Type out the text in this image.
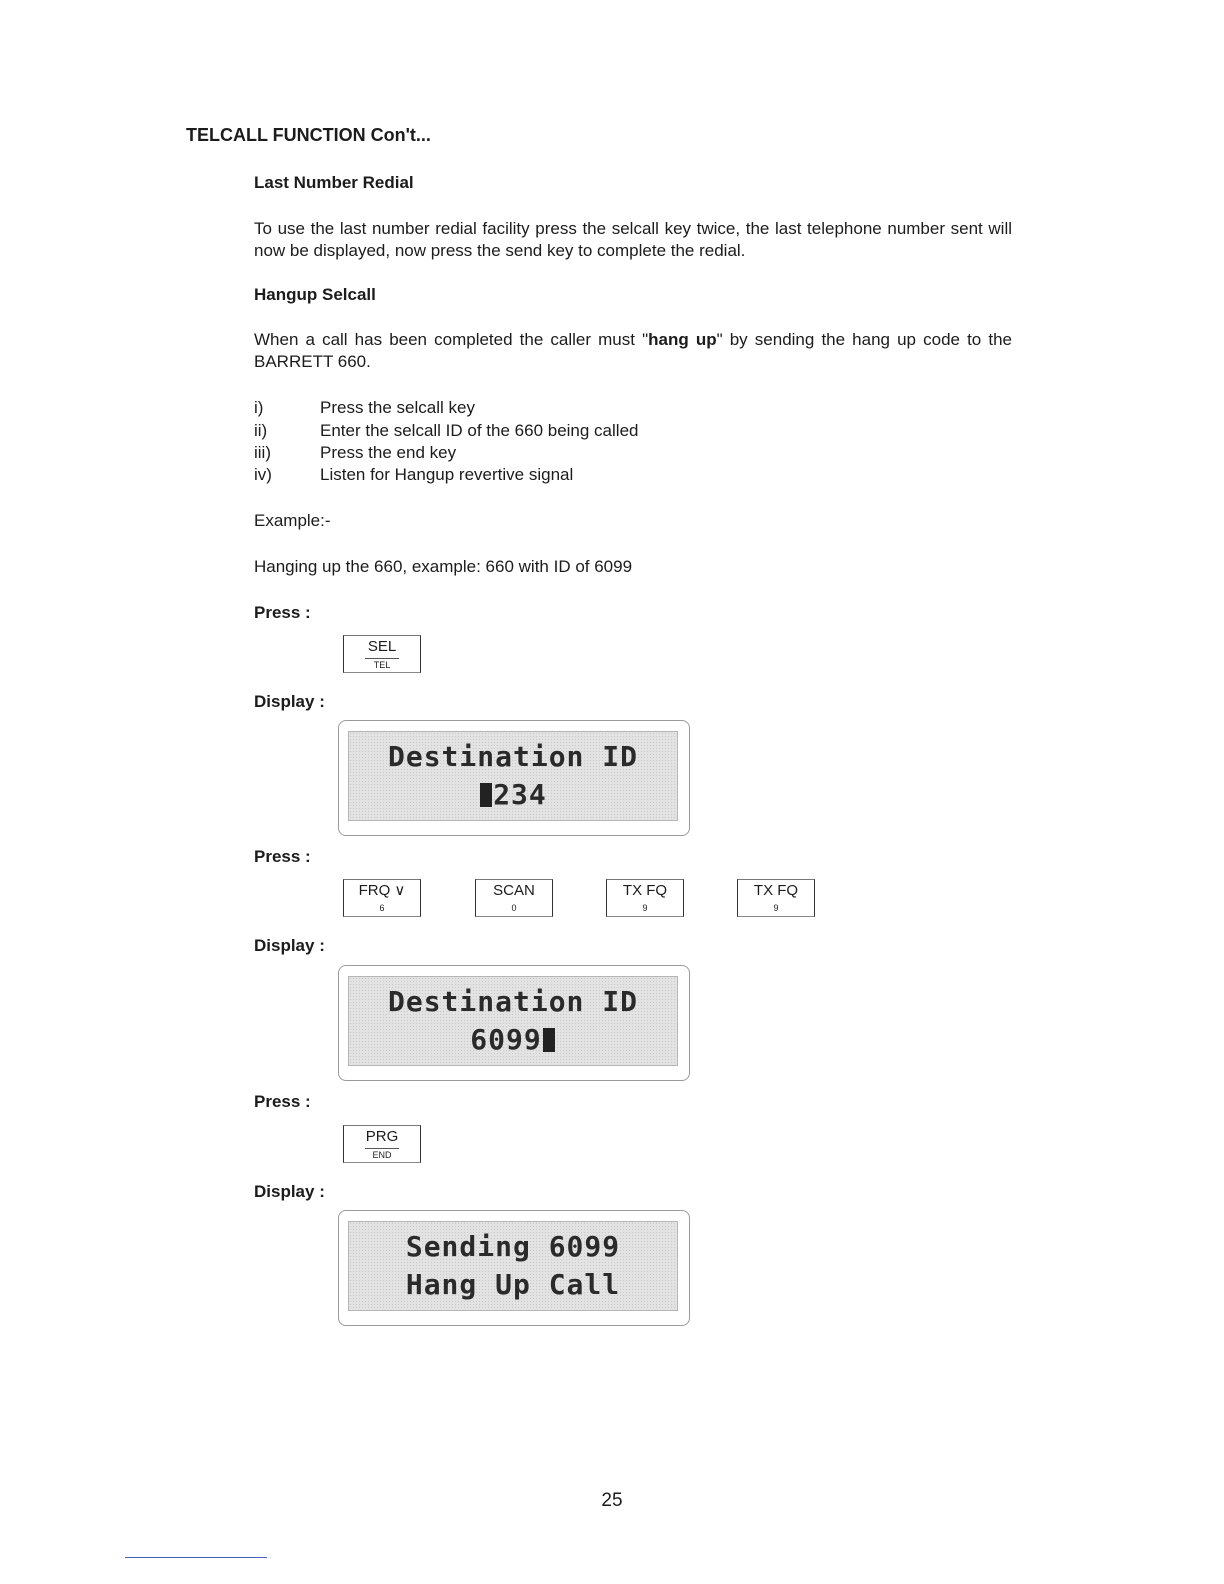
TELCALL FUNCTION Con't...
Last Number Redial
To use the last number redial facility press the selcall key twice, the last telephone number sent will now be displayed, now press the send key to complete the redial.
Hangup Selcall
When a call has been completed the caller must "hang up" by sending the hang up code to the BARRETT 660.
i)	Press the selcall key
ii)	Enter the selcall ID of the 660 being called
iii)	Press the end key
iv)	Listen for Hangup revertive signal
Example:-
Hanging up the 660, example: 660 with ID of 6099
Press :
SEL
TEL
Display :
Destination ID
234
Press :
FRQ ∨
6
SCAN
0
TX FQ
9
TX FQ
9
Display :
Destination ID
6099
Press :
PRG
END
Display :
Sending 6099
Hang Up Call
25
